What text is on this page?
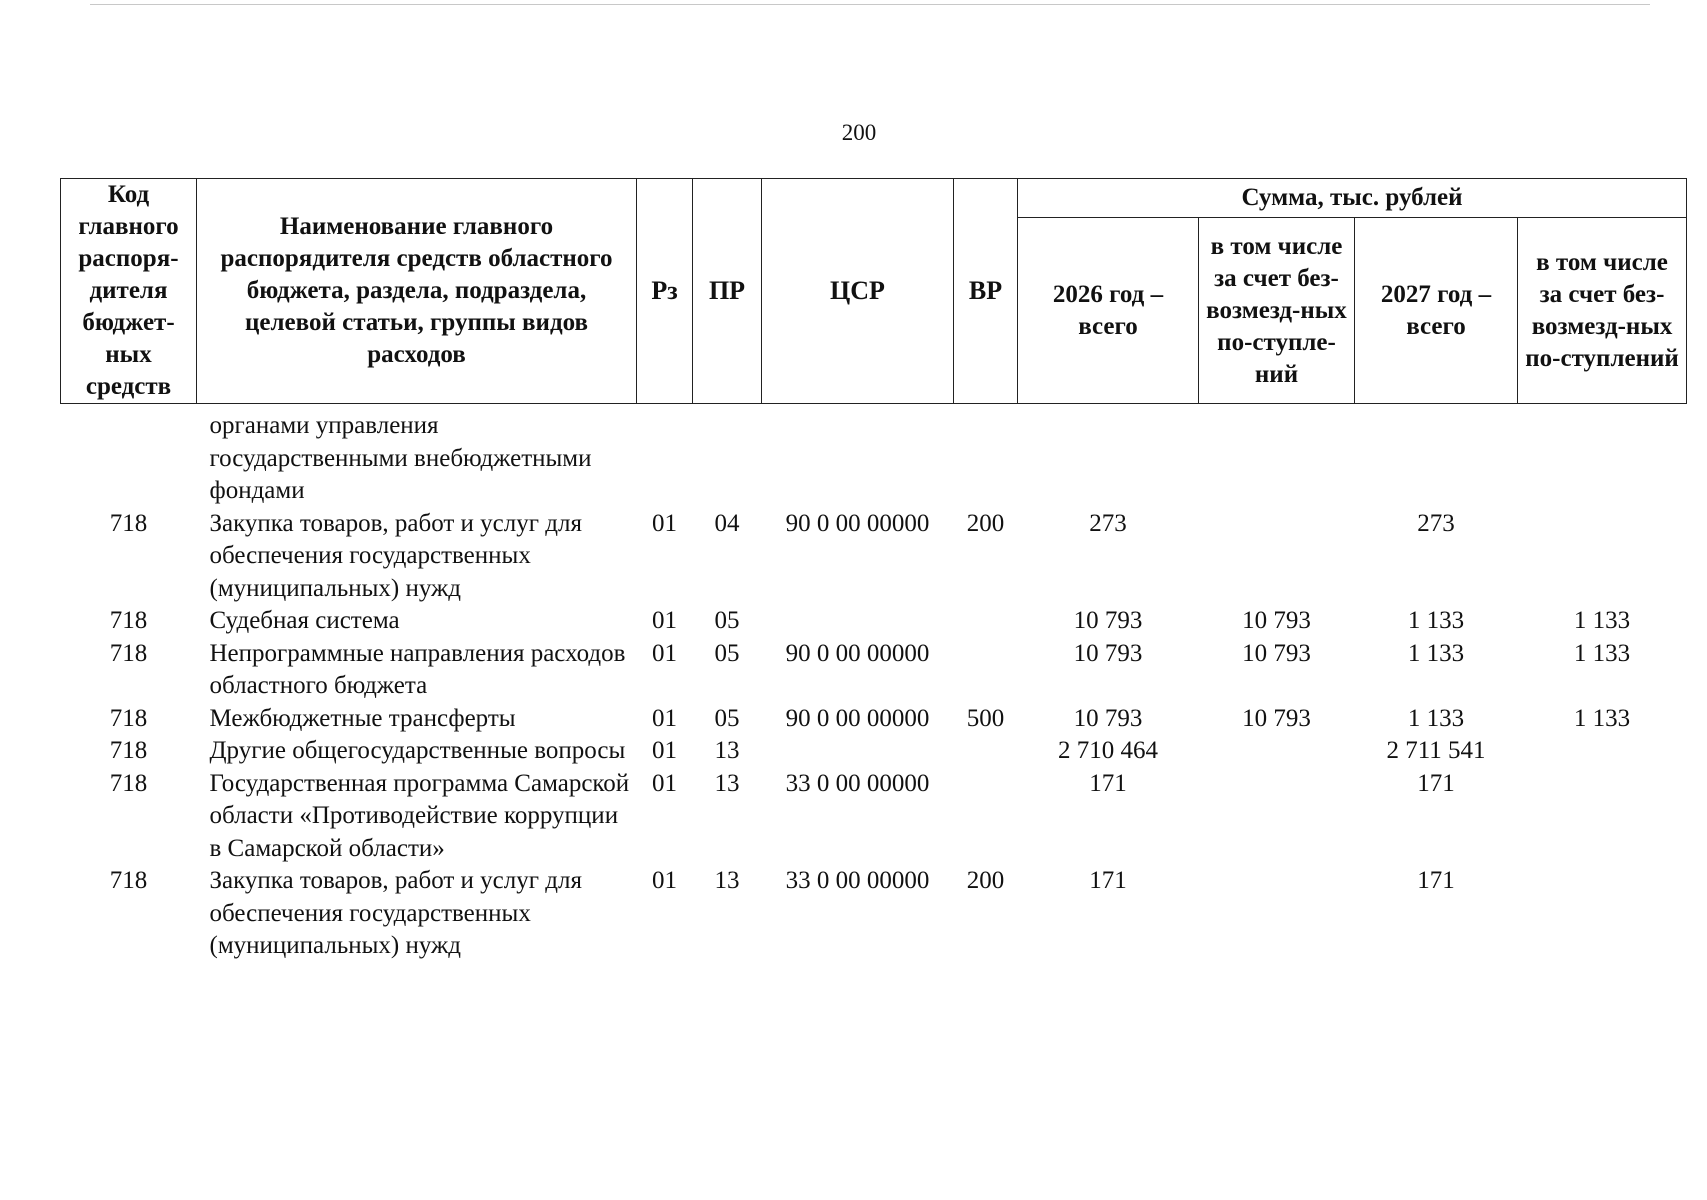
200
Код главного распоря-дителя бюджет-ных средств	Наименование главного распорядителя средств областного бюджета, раздела, подраздела, целевой статьи, группы видов расходов	Рз	ПР	ЦСР	ВР	Сумма, тыс. рублей			
						2026 год – всего	в том числе за счет без-возмезд-ных по-ступле-ний	2027 год – всего	в том числе за счет без-возмезд-ных по-ступлений
	органами управления государственными внебюджетными фондами								
718	Закупка товаров, работ и услуг для обеспечения государственных (муниципальных) нужд	01	04	90 0 00 00000	200	273		273	
718	Судебная система	01	05			10 793	10 793	1 133	1 133
718	Непрограммные направления расходов областного бюджета	01	05	90 0 00 00000		10 793	10 793	1 133	1 133
718	Межбюджетные трансферты	01	05	90 0 00 00000	500	10 793	10 793	1 133	1 133
718	Другие общегосударственные вопросы	01	13			2 710 464		2 711 541	
718	Государственная программа Самарской области «Противодействие коррупции в Самарской области»	01	13	33 0 00 00000		171		171	
718	Закупка товаров, работ и услуг для обеспечения государственных (муниципальных) нужд	01	13	33 0 00 00000	200	171		171	
